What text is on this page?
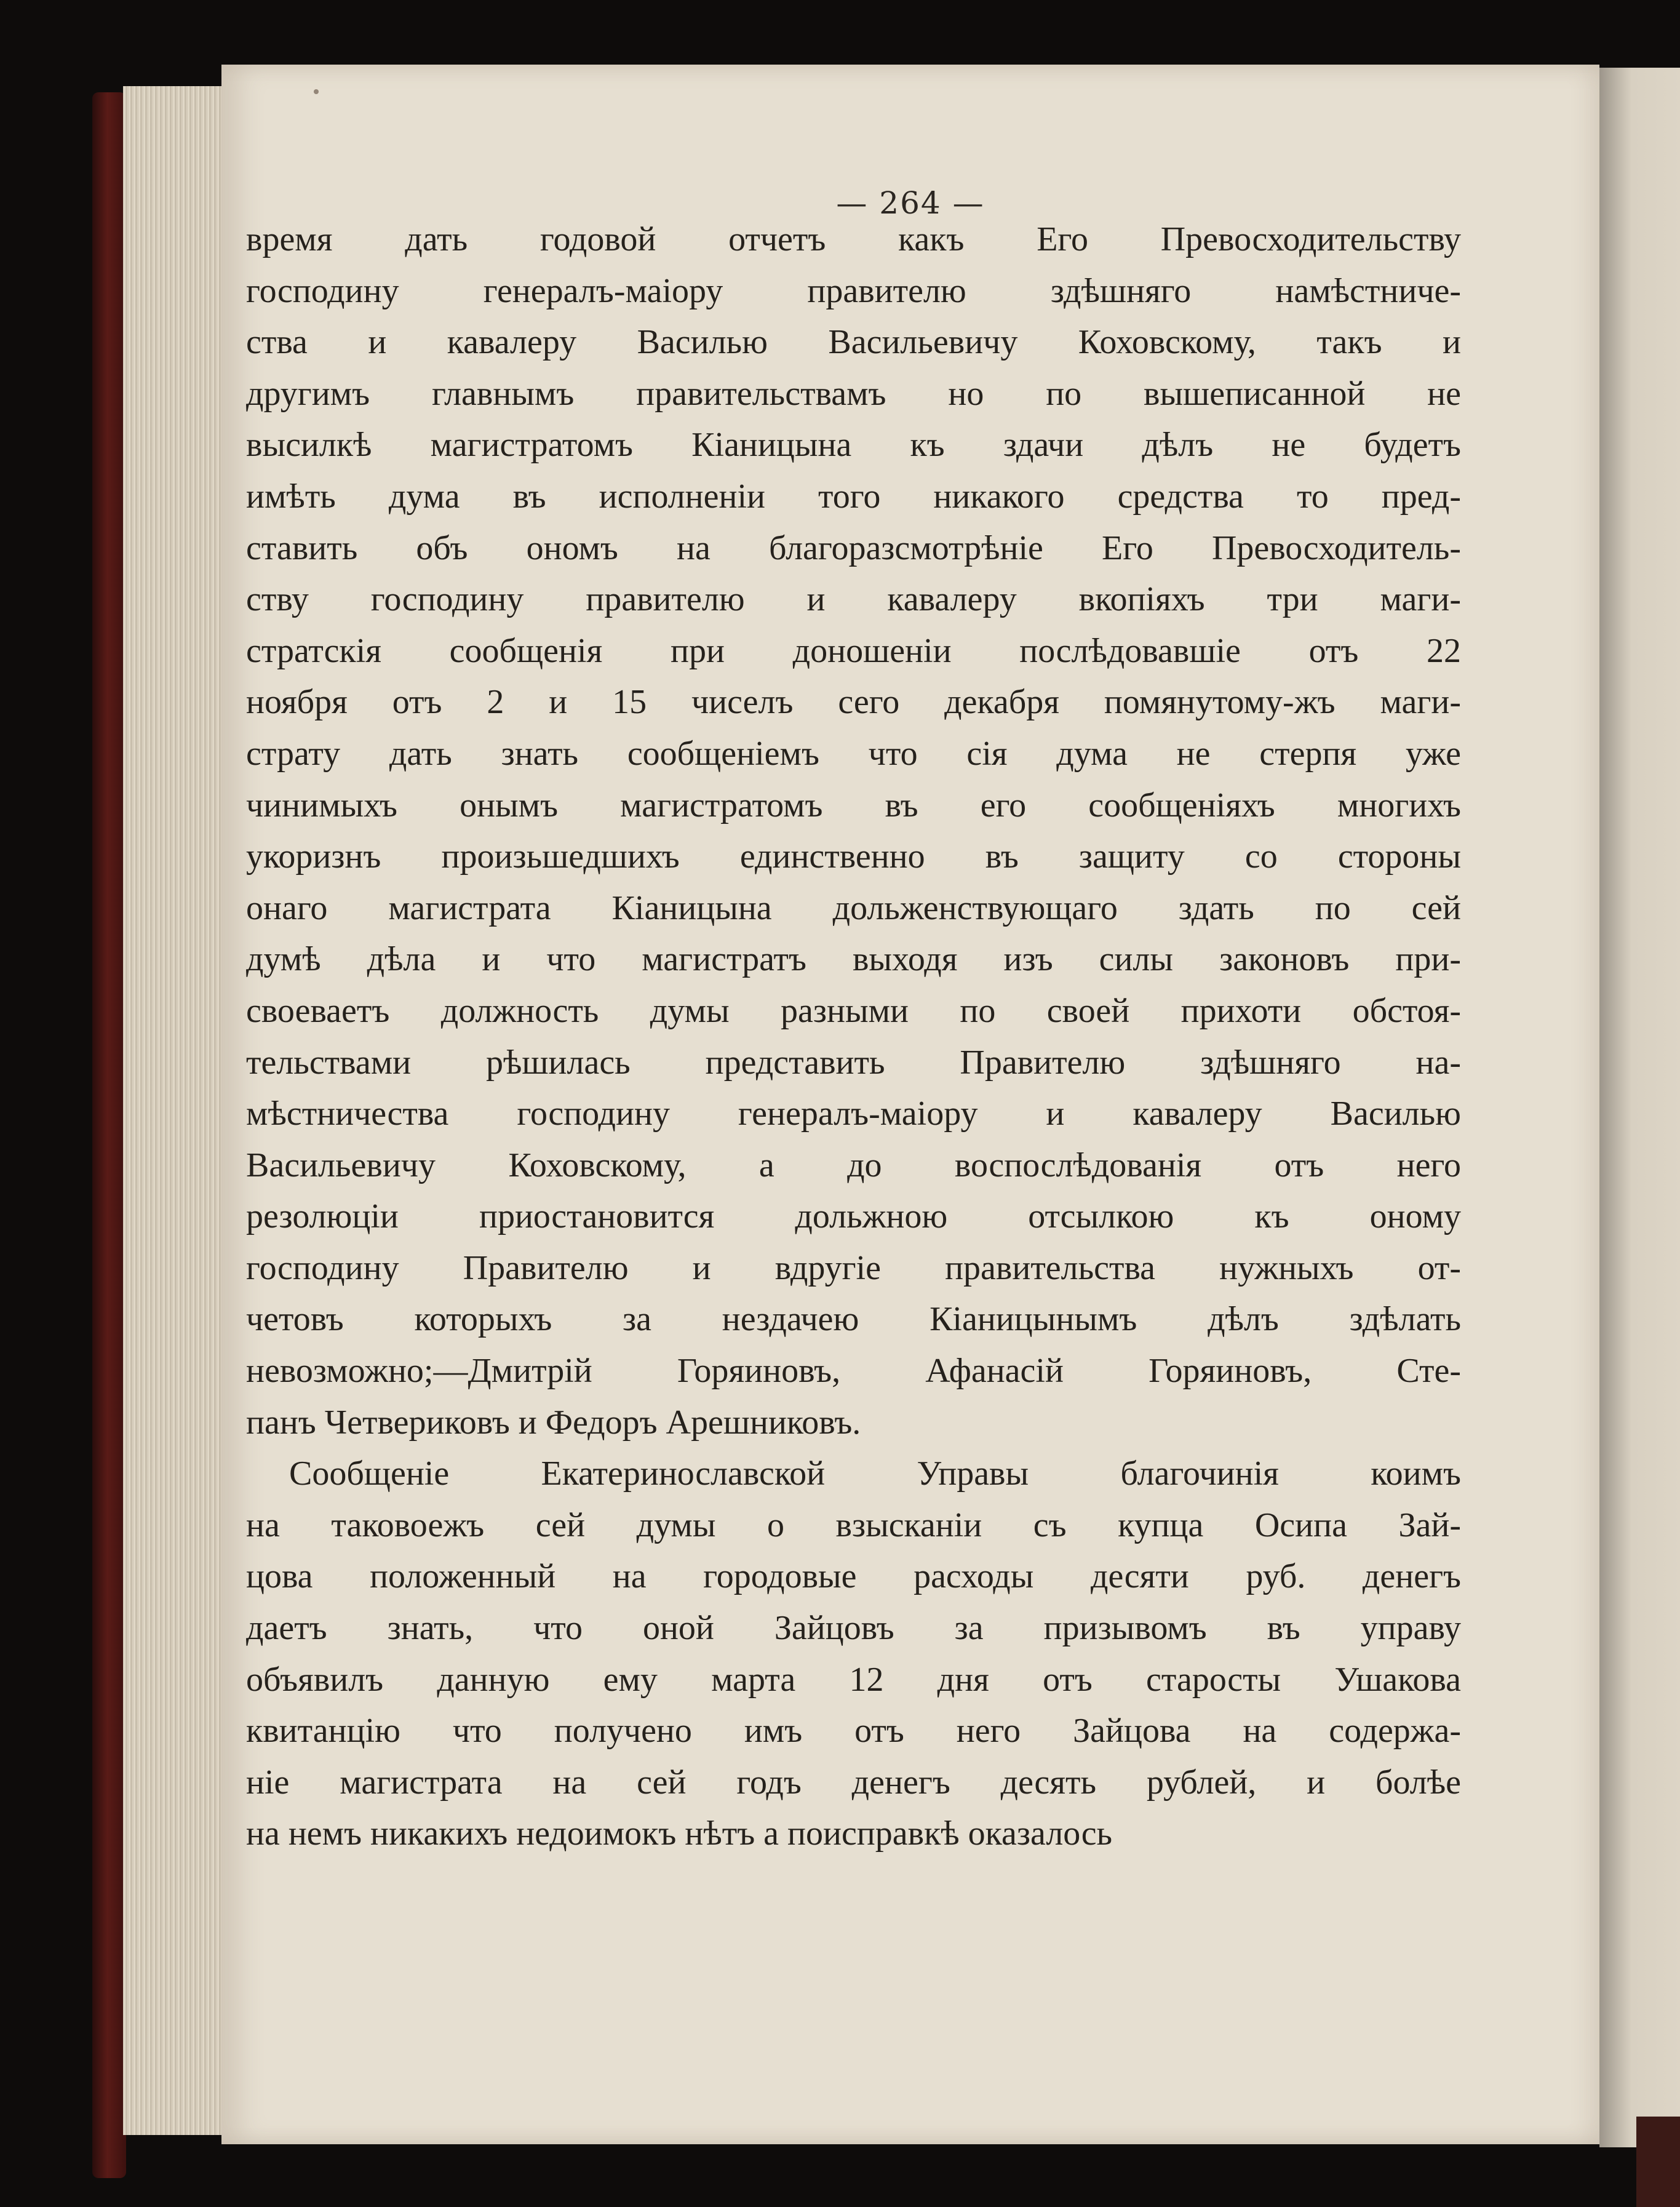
— 264 —
время дать годовой отчетъ какъ Его Превосходительству
господину генералъ-маіору правителю здѣшняго намѣстниче-
ства и кавалеру Василью Васильевичу Коховскому, такъ и
другимъ главнымъ правительствамъ но по вышеписанной не
высилкѣ магистратомъ Кіаницына къ здачи дѣлъ не будетъ
имѣть дума въ исполненіи того никакого средства то пред-
ставить объ ономъ на благоразсмотрѣніе Его Превосходитель-
ству господину правителю и кавалеру вкопіяхъ три маги-
стратскія сообщенія при доношеніи послѣдовавшіе отъ 22
ноября отъ 2 и 15 чиселъ сего декабря помянутому-жъ маги-
страту дать знать сообщеніемъ что сія дума не стерпя уже
чинимыхъ онымъ магистратомъ въ его сообщеніяхъ многихъ
укоризнъ произьшедшихъ единственно въ защиту со стороны
онаго магистрата Кіаницына дольженствующаго здать по сей
думѣ дѣла и что магистратъ выходя изъ силы законовъ при-
своеваетъ должность думы разными по своей прихоти обстоя-
тельствами рѣшилась представить Правителю здѣшняго на-
мѣстничества господину генералъ-маіору и кавалеру Василью
Васильевичу Коховскому, а до воспослѣдованія отъ него
резолюціи приостановится дольжною отсылкою къ оному
господину Правителю и вдругіе правительства нужныхъ от-
четовъ которыхъ за нездачею Кіаницынымъ дѣлъ здѣлать
невозможно;—Дмитрій Горяиновъ, Афанасій Горяиновъ, Сте-
панъ Четвериковъ и Федоръ Арешниковъ.
Сообщеніе Екатеринославской Управы благочинія коимъ
на таковоежъ сей думы о взысканіи съ купца Осипа Зай-
цова положенный на городовые расходы десяти руб. денегъ
даетъ знать, что оной Зайцовъ за призывомъ въ управу
объявилъ данную ему марта 12 дня отъ старосты Ушакова
квитанцію что получено имъ отъ него Зайцова на содержа-
ніе магистрата на сей годъ денегъ десять рублей, и болѣе
на немъ никакихъ недоимокъ нѣтъ а поисправкѣ оказалось
